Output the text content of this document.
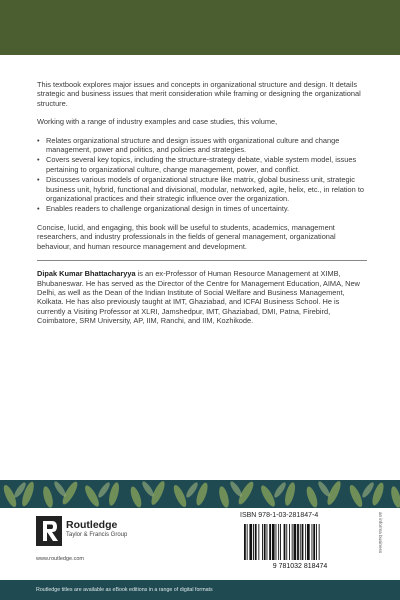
This textbook explores major issues and concepts in organizational structure and design. It details strategic and business issues that merit consideration while framing or designing the organizational structure.

Working with a range of industry examples and case studies, this volume,

• Relates organizational structure and design issues with organizational culture and change management, power and politics, and policies and strategies.
• Covers several key topics, including the structure-strategy debate, viable system model, issues pertaining to organizational culture, change management, power, and conflict.
• Discusses various models of organizational structure like matrix, global business unit, strategic business unit, hybrid, functional and divisional, modular, networked, agile, helix, etc., in relation to organizational practices and their strategic influence over the organization.
• Enables readers to challenge organizational design in times of uncertainty.

Concise, lucid, and engaging, this book will be useful to students, academics, management researchers, and industry professionals in the fields of general management, organizational behaviour, and human resource management and development.

Dipak Kumar Bhattacharyya is an ex-Professor of Human Resource Management at XIMB, Bhubaneswar. He has served as the Director of the Centre for Management Education, AIMA, New Delhi, as well as the Dean of the Indian Institute of Social Welfare and Business Management, Kolkata. He has also previously taught at IMT, Ghaziabad, and ICFAI Business School. He is currently a Visiting Professor at XLRI, Jamshedpur, IMT, Ghaziabad, DMI, Patna, Firebird, Coimbatore, SRM University, AP, IIM, Ranchi, and IIM, Kozhikode.

Routledge
Taylor & Francis Group
www.routledge.com
ISBN 978-1-03-281847-4
9 781032 818474
an informa business
Routledge titles are available as eBook editions in a range of digital formats
